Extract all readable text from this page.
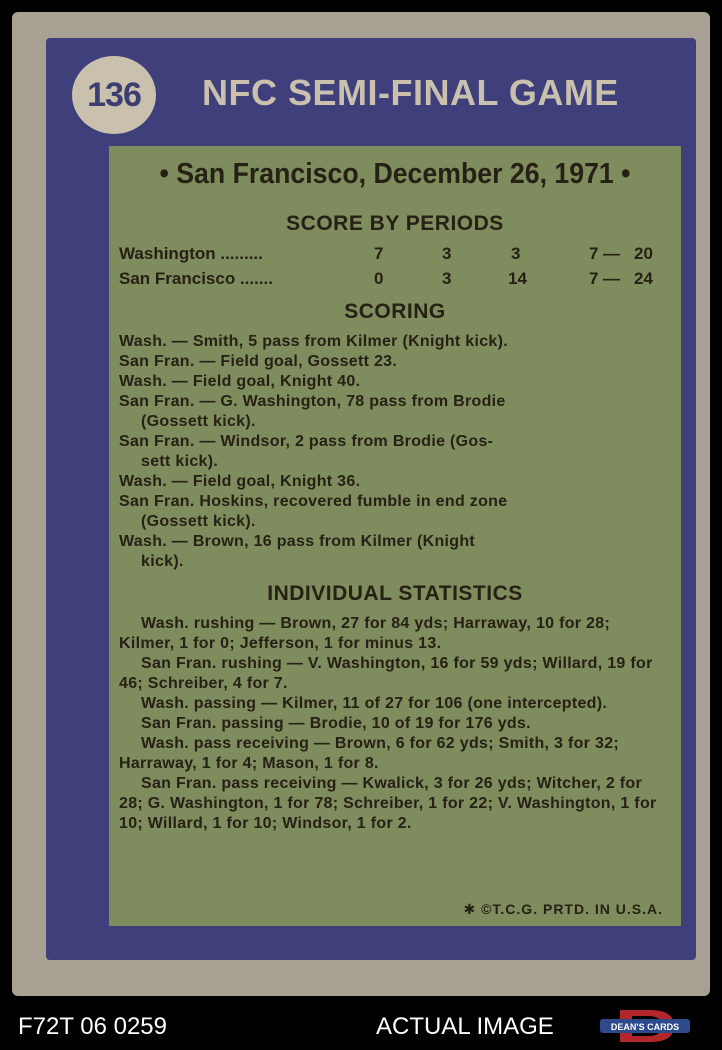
136 NFC SEMI-FINAL GAME
• San Francisco, December 26, 1971 •
SCORE BY PERIODS
Washington .........	7	3	3	7 — 20
San Francisco .......	0	3	14	7 — 24
SCORING

Wash. — Smith, 5 pass from Kilmer (Knight kick).

San Fran. — Field goal, Gossett 23.

Wash. — Field goal, Knight 40.

San Fran. — G. Washington, 78 pass from Brodie

(Gossett kick).

San Fran. — Windsor, 2 pass from Brodie (Gos-

sett kick).

Wash. — Field goal, Knight 36.

San Fran. Hoskins, recovered fumble in end zone

(Gossett kick).

Wash. — Brown, 16 pass from Kilmer (Knight

kick).

INDIVIDUAL STATISTICS

Wash. rushing — Brown, 27 for 84 yds; Harraway, 10 for 28; Kilmer, 1 for 0; Jefferson, 1 for minus 13.

San Fran. rushing — V. Washington, 16 for 59 yds; Willard, 19 for 46; Schreiber, 4 for 7.

Wash. passing — Kilmer, 11 of 27 for 106 (one intercepted).

San Fran. passing — Brodie, 10 of 19 for 176 yds.

Wash. pass receiving — Brown, 6 for 62 yds; Smith, 3 for 32; Harraway, 1 for 4; Mason, 1 for 8.

San Fran. pass receiving — Kwalick, 3 for 26 yds; Witcher, 2 for 28; G. Washington, 1 for 78; Schreiber, 1 for 22; V. Washington, 1 for 10; Willard, 1 for 10; Windsor, 1 for 2.

✱ ©T.C.G. PRTD. IN U.S.A.
F72T 06 0259	ACTUAL IMAGE	DEAN'S CARDS
